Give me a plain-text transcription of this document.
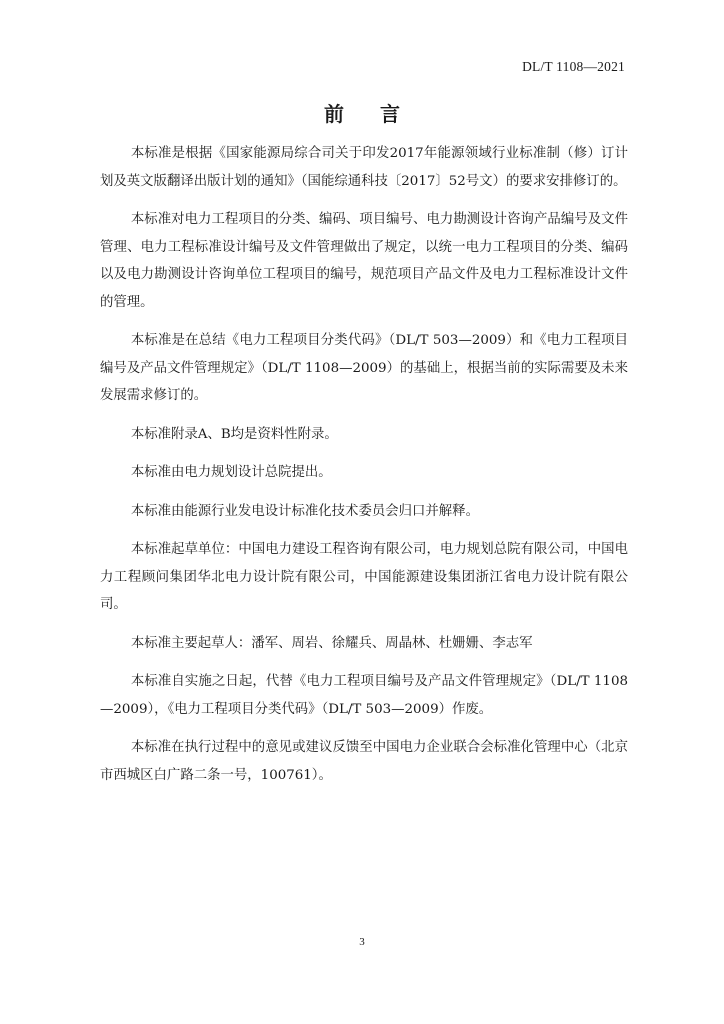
DL/T 1108—2021
前 言

本标准是根据《国家能源局综合司关于印发2017年能源领域行业标准制（修）订计划及英文版翻译出版计划的通知》（国能综通科技〔2017〕52号文）的要求安排修订的。

本标准对电力工程项目的分类、编码、项目编号、电力勘测设计咨询产品编号及文件管理、电力工程标准设计编号及文件管理做出了规定，以统一电力工程项目的分类、编码以及电力勘测设计咨询单位工程项目的编号，规范项目产品文件及电力工程标准设计文件的管理。

本标准是在总结《电力工程项目分类代码》（DL/T 503—2009）和《电力工程项目编号及产品文件管理规定》（DL/T 1108—2009）的基础上，根据当前的实际需要及未来发展需求修订的。

本标准附录A、B均是资料性附录。

本标准由电力规划设计总院提出。

本标准由能源行业发电设计标准化技术委员会归口并解释。

本标准起草单位：中国电力建设工程咨询有限公司，电力规划总院有限公司，中国电力工程顾问集团华北电力设计院有限公司，中国能源建设集团浙江省电力设计院有限公司。

本标准主要起草人：潘军、周岩、徐耀兵、周晶林、杜姗姗、李志军

本标准自实施之日起，代替《电力工程项目编号及产品文件管理规定》（DL/T 1108—2009），《电力工程项目分类代码》（DL/T 503—2009）作废。

本标准在执行过程中的意见或建议反馈至中国电力企业联合会标准化管理中心（北京市西城区白广路二条一号，100761）。

3
